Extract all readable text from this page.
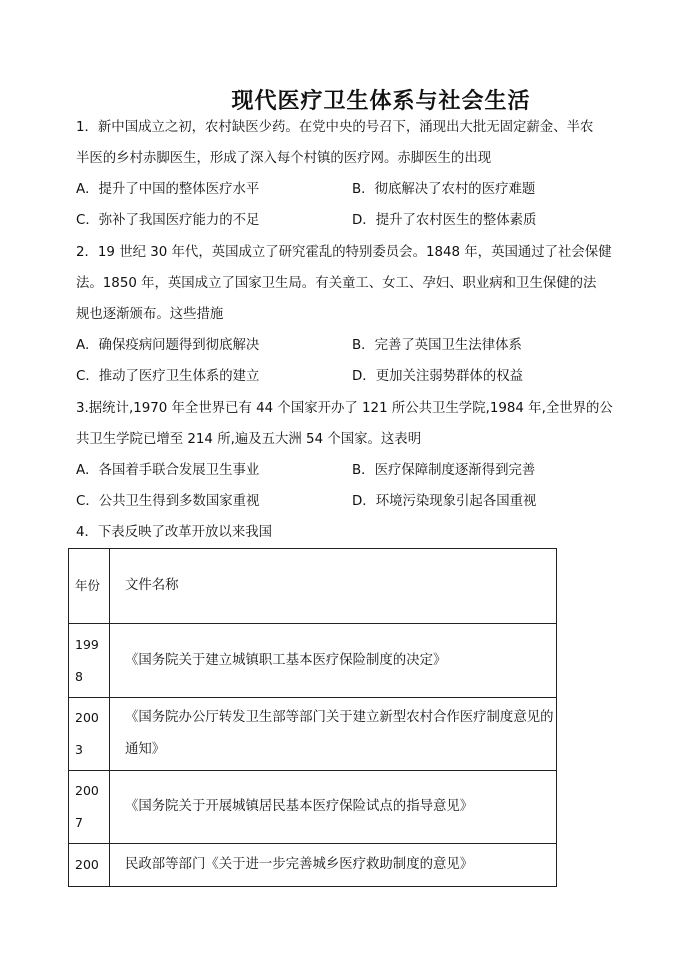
现代医疗卫生体系与社会生活
1．新中国成立之初，农村缺医少药。在党中央的号召下，涌现出大批无固定薪金、半农
半医的乡村赤脚医生，形成了深入每个村镇的医疗网。赤脚医生的出现
A．提升了中国的整体医疗水平	B．彻底解决了农村的医疗难题
C．弥补了我国医疗能力的不足	D．提升了农村医生的整体素质
2．19 世纪 30 年代，英国成立了研究霍乱的特别委员会。1848 年，英国通过了社会保健
法。1850 年，英国成立了国家卫生局。有关童工、女工、孕妇、职业病和卫生保健的法
规也逐渐颁布。这些措施
A．确保疫病问题得到彻底解决	B．完善了英国卫生法律体系
C．推动了医疗卫生体系的建立	D．更加关注弱势群体的权益
3.据统计,1970 年全世界已有 44 个国家开办了 121 所公共卫生学院,1984 年,全世界的公
共卫生学院已增至 214 所,遍及五大洲 54 个国家。这表明
A．各国着手联合发展卫生事业	B．医疗保障制度逐渐得到完善
C．公共卫生得到多数国家重视	D．环境污染现象引起各国重视
4．下表反映了改革开放以来我国
年份	文件名称

1998	《国务院关于建立城镇职工基本医疗保险制度的决定》

2003	《国务院办公厅转发卫生部等部门关于建立新型农村合作医疗制度意见的通知》

2007	《国务院关于开展城镇居民基本医疗保险试点的指导意见》

200	民政部等部门《关于进一步完善城乡医疗救助制度的意见》
